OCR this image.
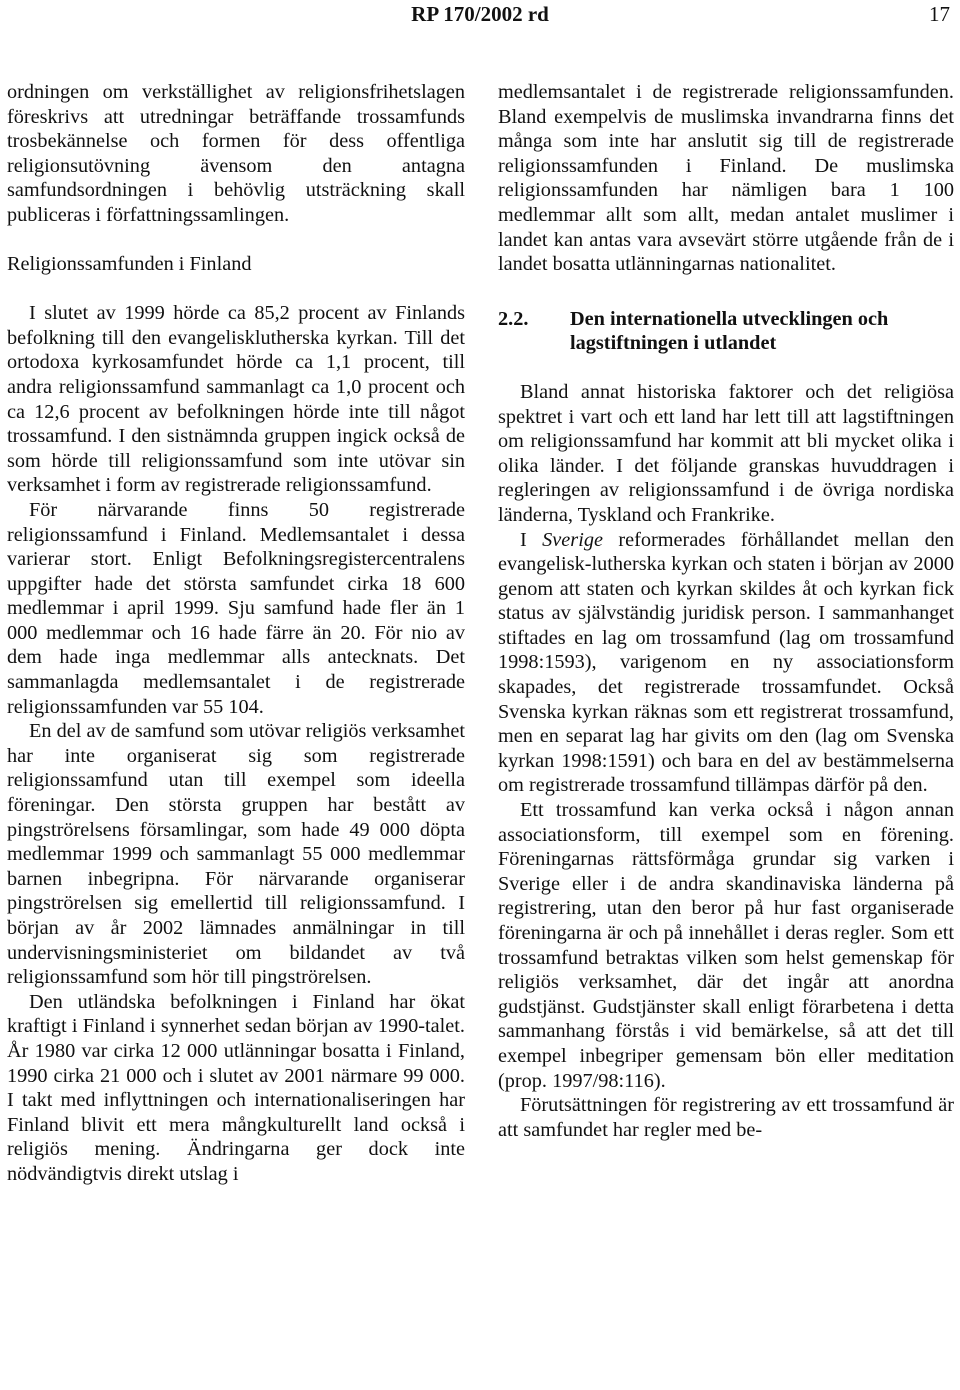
RP 170/2002 rd	17

ordningen om verkställighet av religionsfrihetslagen föreskrivs att utredningar beträffande trossamfunds trosbekännelse och formen för dess offentliga religionsutövning ävensom den antagna samfundsordningen i behövlig utsträckning skall publiceras i författningssamlingen.

Religionssamfunden i Finland

I slutet av 1999 hörde ca 85,2 procent av Finlands befolkning till den evangelisklutherska kyrkan. Till det ortodoxa kyrkosamfundet hörde ca 1,1 procent, till andra religionssamfund sammanlagt ca 1,0 procent och ca 12,6 procent av befolkningen hörde inte till något trossamfund. I den sistnämnda gruppen ingick också de som hörde till religionssamfund som inte utövar sin verksamhet i form av registrerade religionssamfund.

För närvarande finns 50 registrerade religionssamfund i Finland. Medlemsantalet i dessa varierar stort. Enligt Befolkningsregistercentralens uppgifter hade det största samfundet cirka 18 600 medlemmar i april 1999. Sju samfund hade fler än 1 000 medlemmar och 16 hade färre än 20. För nio av dem hade inga medlemmar alls antecknats. Det sammanlagda medlemsantalet i de registrerade religionssamfunden var 55 104.

En del av de samfund som utövar religiös verksamhet har inte organiserat sig som registrerade religionssamfund utan till exempel som ideella föreningar. Den största gruppen har bestått av pingströrelsens församlingar, som hade 49 000 döpta medlemmar 1999 och sammanlagt 55 000 medlemmar barnen inbegripna. För närvarande organiserar pingströrelsen sig emellertid till religionssamfund. I början av år 2002 lämnades anmälningar in till undervisningsministeriet om bildandet av två religionssamfund som hör till pingströrelsen.

Den utländska befolkningen i Finland har ökat kraftigt i Finland i synnerhet sedan början av 1990-talet. År 1980 var cirka 12 000 utlänningar bosatta i Finland, 1990 cirka 21 000 och i slutet av 2001 närmare 99 000. I takt med inflyttningen och internationaliseringen har Finland blivit ett mera mångkulturellt land också i religiös mening. Ändringarna ger dock inte nödvändigtvis direkt utslag i

medlemsantalet i de registrerade religionssamfunden. Bland exempelvis de muslimska invandrarna finns det många som inte har anslutit sig till de registrerade religionssamfunden i Finland. De muslimska religionssamfunden har nämligen bara 1 100 medlemmar allt som allt, medan antalet muslimer i landet kan antas vara avsevärt större utgående från de i landet bosatta utlänningarnas nationalitet.

2.2.	Den internationella utvecklingen och lagstiftningen i utlandet

Bland annat historiska faktorer och det religiösa spektret i vart och ett land har lett till att lagstiftningen om religionssamfund har kommit att bli mycket olika i olika länder. I det följande granskas huvuddragen i regleringen av religionssamfund i de övriga nordiska länderna, Tyskland och Frankrike.

I Sverige reformerades förhållandet mellan den evangelisk-lutherska kyrkan och staten i början av 2000 genom att staten och kyrkan skildes åt och kyrkan fick status av självständig juridisk person. I sammanhanget stiftades en lag om trossamfund (lag om trossamfund 1998:1593), varigenom en ny associationsform skapades, det registrerade trossamfundet. Också Svenska kyrkan räknas som ett registrerat trossamfund, men en separat lag har givits om den (lag om Svenska kyrkan 1998:1591) och bara en del av bestämmelserna om registrerade trossamfund tillämpas därför på den.

Ett trossamfund kan verka också i någon annan associationsform, till exempel som en förening. Föreningarnas rättsförmåga grundar sig varken i Sverige eller i de andra skandinaviska länderna på registrering, utan den beror på hur fast organiserade föreningarna är och på innehållet i deras regler. Som ett trossamfund betraktas vilken som helst gemenskap för religiös verksamhet, där det ingår att anordna gudstjänst. Gudstjänster skall enligt förarbetena i detta sammanhang förstås i vid bemärkelse, så att det till exempel inbegriper gemensam bön eller meditation (prop. 1997/98:116).

Förutsättningen för registrering av ett trossamfund är att samfundet har regler med be-
